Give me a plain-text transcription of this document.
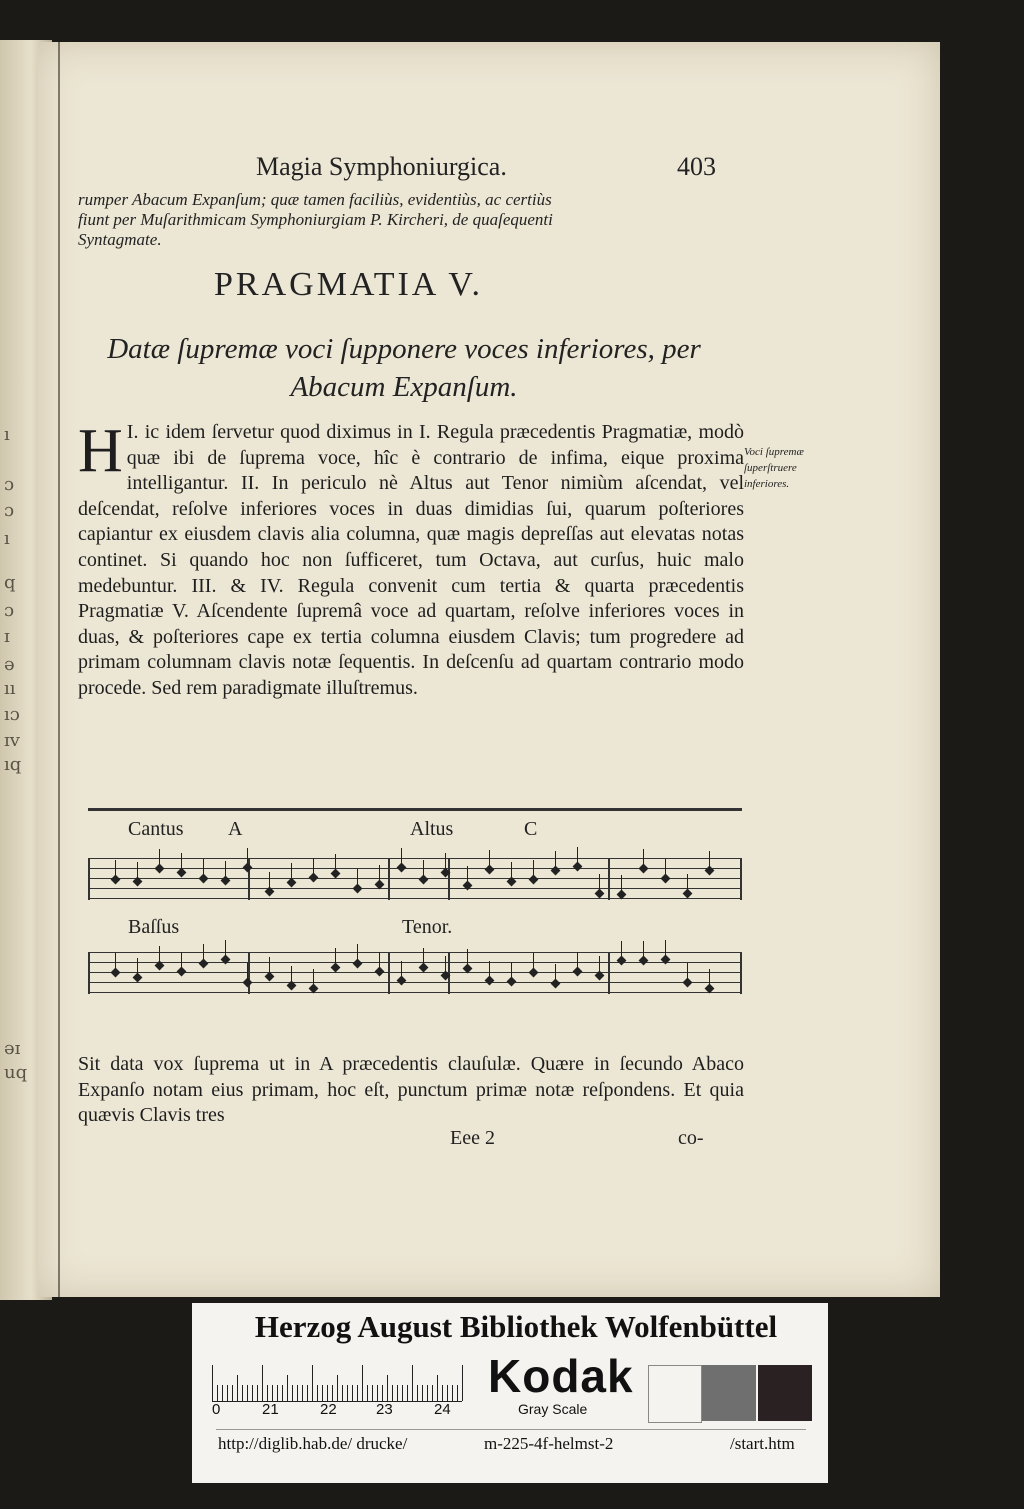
ı
ɔ
ɔ
ı
q
ɔ
ɪ
ǝ
ıı
ıɔ
ɪv
ıq
ǝɪ
uq
Magia Symphoniurgica.	403
rumper Abacum Expanſum; quæ tamen faciliùs, evidentiùs, ac certiùs
fiunt per Muſarithmicam Symphoniurgiam P. Kircheri, de quaſequenti
Syntagmate.
PRAGMATIA V.
Datæ ſupremæ voci ſupponere voces inferiores, per
Abacum Expanſum.
I.
H ic idem ſervetur quod diximus in I. Regula præcedentis Pragmatiæ, modò quæ ibi de ſuprema voce, hîc è contrario de infima, eique proxima intelligantur. II. In periculo nè Altus aut Tenor nimiùm aſcendat, vel deſcendat, reſolve inferiores voces in duas dimidias ſui, quarum poſteriores capiantur ex eiusdem clavis alia columna, quæ magis depreſſas aut elevatas notas continet. Si quando hoc non ſufficeret, tum Octava, aut curſus, huic malo medebuntur. III. & IV. Regula convenit cum tertia & quarta præcedentis Pragmatiæ V. Aſcendente ſupremâ voce ad quartam, reſolve inferiores voces in duas, & poſteriores cape ex tertia columna eiusdem Clavis; tum progredere ad primam columnam clavis notæ ſequentis. In deſcenſu ad quartam contrario modo procede. Sed rem paradigmate illuſtremus.
Voci ſupremæ
ſuperſtruere
inferiores.
Cantus A	Altus	C
Baſſus	Tenor.
Sit data vox ſuprema ut in A præcedentis clauſulæ. Quære in ſecundo Abaco Expanſo notam eius primam, hoc eſt, punctum primæ notæ reſpondens. Et quia quævis Clavis tres
Eee 2	co-
Herzog August Bibliothek Wolfenbüttel
0	21	22	23	24
Kodak
Gray Scale
http://diglib.hab.de/ drucke/	m-225-4f-helmst-2	/start.htm
